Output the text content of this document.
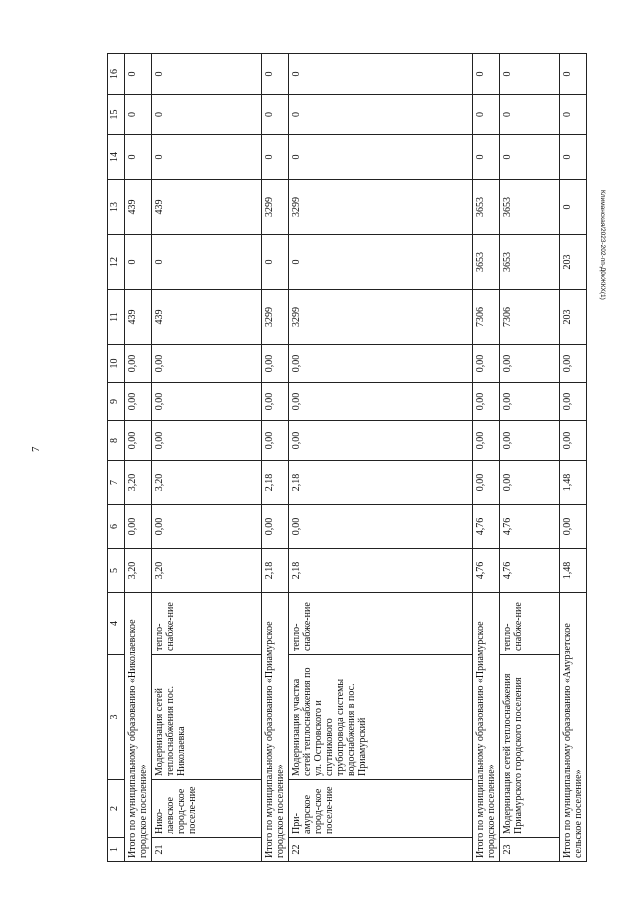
7
Климанская/2023-202-пп-Д0кЖКХ(1)
1	2	3	4	5	6	7	8	9	10	11	12	13	14	15	16
Итого по муниципальному образованию «Николаевское городское поселение»				3,20	0,00	3,20	0,00	0,00	0,00	439	0	439	0	0	0
21	Нико-лаевское город-ское поселе-ние	Модернизация сетей теплоснабжения пос. Николаевка	тепло-снабже-ние	3,20	0,00	3,20	0,00	0,00	0,00	439	0	439	0	0	0
Итого по муниципальному образованию «Приамурское городское поселение»				2,18	0,00	2,18	0,00	0,00	0,00	3299	0	3299	0	0	0
22	При-амурское город-ское поселе-ние	Модернизация участка сетей теплоснабжения по ул. Островского и спутникового трубопровода системы водоснабжения в пос. Приамурский	тепло-снабже-ние	2,18	0,00	2,18	0,00	0,00	0,00	3299	0	3299	0	0	0
Итого по муниципальному образованию «Приамурское городское поселение»				4,76	4,76	0,00	0,00	0,00	0,00	7306	3653	3653	0	0	0
23	Модернизация сетей теплоснабжения Приамурского городского поселения		тепло-снабже-ние	4,76	4,76	0,00	0,00	0,00	0,00	7306	3653	3653	0	0	0
Итого по муниципальному образованию «Амурзетское сельское поселение»				1,48	0,00	1,48	0,00	0,00	0,00	203	203	0	0	0	0
